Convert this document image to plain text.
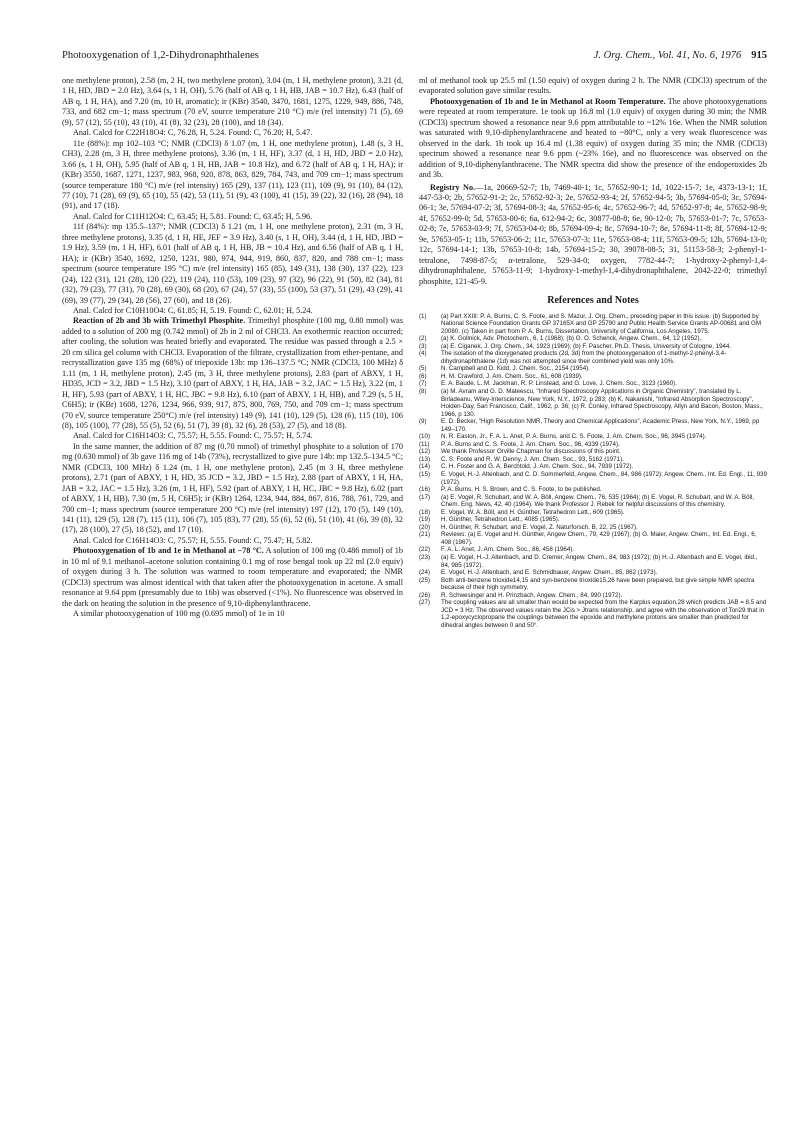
Photooxygenation of 1,2-Dihydronaphthalenes	J. Org. Chem., Vol. 41, No. 6, 1976 915

one methylene proton), 2.58 (m, 2 H, two methylene proton), 3.04 (m, 1 H, methylene proton), 3.21 (d, 1 H, HD, JBD = 2.0 Hz), 3.64 (s, 1 H, OH), 5.76 (half of AB q, 1 H, HB, JAB = 10.7 Hz), 6.43 (half of AB q, 1 H, HA), and 7.20 (m, 10 H, aromatic); ir (KBr) 3540, 3470, 1681, 1275, 1229, 949, 886, 748, 733, and 682 cm−1; mass spectrum (70 eV, source temperature 210 °C) m/e (rel intensity) 71 (5), 69 (9), 57 (12), 55 (10), 43 (10), 41 (8), 32 (23), 28 (100), and 18 (34).

Anal. Calcd for C22H18O4: C, 76.28, H, 5.24. Found: C, 76.20; H, 5.47.

11e (88%): mp 102–103 °C; NMR (CDCl3) δ 1.07 (m, 1 H, one methylene proton), 1.48 (s, 3 H, CH3), 2.28 (m, 3 H, three methylene protons), 3.36 (m, 1 H, HF), 3.37 (d, 1 H, HD, JBD = 2.0 Hz), 3.66 (s, 1 H, OH), 5.95 (half of AB q, 1 H, HB, JAB = 10.8 Hz), and 6.72 (half of AB q, 1 H, HA); ir (KBr) 3550, 1687, 1271, 1237, 983, 968, 920, 878, 863, 829, 784, 743, and 709 cm−1; mass spectrum (source temperature 180 °C) m/e (rel intensity) 165 (29), 137 (11), 123 (11), 109 (9), 91 (10), 84 (12), 77 (10), 71 (28), 69 (9), 65 (10), 55 (42), 53 (11), 51 (9), 43 (100), 41 (15), 39 (22), 32 (16), 28 (94), 18 (91), and 17 (18).

Anal. Calcd for C11H12O4: C, 63.45; H, 5.81. Found: C, 63.45; H, 5.96.

11f (84%): mp 135.5–137°; NMR (CDCl3) δ 1.21 (m, 1 H, one methylene proton), 2.31 (m, 3 H, three methylene protons), 3.35 (d, 1 H, HE, JEF = 3.9 Hz), 3.40 (s, 1 H, OH), 3.44 (d, 1 H, HD, JBD = 1.9 Hz), 3.59 (m, 1 H, HF), 6.01 (half of AB q, 1 H, HB, JB = 10.4 Hz), and 6.56 (half of AB q, 1 H, HA); ir (KBr) 3540, 1692, 1250, 1231, 980, 974, 944, 919, 860, 837, 820, and 788 cm−1; mass spectrum (source temperature 195 °C) m/e (rel intensity) 165 (85), 149 (31), 138 (30), 137 (22), 123 (24), 122 (31), 121 (28), 120 (22), 119 (24), 110 (53), 109 (23), 97 (32), 96 (22), 91 (50), 82 (34), 81 (32), 79 (23), 77 (31), 70 (28), 69 (30), 68 (20), 67 (24), 57 (33), 55 (100), 53 (37), 51 (29), 43 (29), 41 (69), 39 (77), 29 (34), 28 (56), 27 (60), and 18 (26).

Anal. Calcd for C10H10O4: C, 61.85; H, 5.19. Found: C, 62.01; H, 5.24.

Reaction of 2b and 3b with Trimethyl Phosphite. Trimethyl phosphite (100 mg, 0.80 mmol) was added to a solution of 200 mg (0.742 mmol) of 2b in 2 ml of CHCl3. An exothermic reaction occurred; after cooling, the solution was heated briefly and evaporated. The residue was passed through a 2.5 × 20 cm silica gel column with CHCl3. Evaporation of the filtrate, crystallization from ether-pentane, and recrystallization gave 135 mg (68%) of triepoxide 13b: mp 136–137.5 °C; NMR (CDCl3, 100 MHz) δ 1.11 (m, 1 H, methylene proton), 2.45 (m, 3 H, three methylene protons), 2.83 (part of ABXY, 1 H, HD35, JCD = 3.2, JBD = 1.5 Hz), 3.10 (part of ABXY, 1 H, HA, JAB = 3.2, JAC = 1.5 Hz), 3.22 (m, 1 H, HF), 5.93 (part of ABXY, 1 H, HC, JBC = 9.8 Hz), 6.10 (part of ABXY, 1 H, HB), and 7.29 (s, 5 H, C6H5); ir (KBr) 1608, 1276, 1234, 966, 939, 917, 875, 800, 769, 750, and 709 cm−1; mass spectrum (70 eV, source temperature 250°C) m/e (rel intensity) 149 (9), 141 (10), 129 (5), 128 (6), 115 (10), 106 (8), 105 (100), 77 (28), 55 (5), 52 (6), 51 (7), 39 (8), 32 (6), 28 (53), 27 (5), and 18 (8).

Anal. Calcd for C16H14O3: C, 75.57; H, 5.55. Found: C, 75.57; H, 5.74.

In the same manner, the addition of 87 mg (0.70 mmol) of trimethyl phosphite to a solution of 170 mg (0.630 mmol) of 3b gave 116 mg of 14b (73%), recrystallized to give pure 14b: mp 132.5–134.5 °C; NMR (CDCl3, 100 MHz) δ 1.24 (m, 1 H, one methylene proton), 2.45 (m 3 H, three methylene protons), 2.71 (part of ABXY, 1 H, HD, 35 JCD = 3.2, JBD = 1.5 Hz), 2.88 (part of ABXY, 1 H, HA, JAB = 3.2, JAC = 1.5 Hz), 3.26 (m, 1 H, HF), 5.92 (part of ABXY, 1 H, HC, JBC = 9.8 Hz), 6.02 (part of ABXY, 1 H, HB), 7.30 (m, 5 H, C6H5); ir (KBr) 1264, 1234, 944, 884, 867, 816, 788, 761, 729, and 700 cm−1; mass spectrum (source temperature 200 °C) m/e (rel intensity) 197 (12), 170 (5), 149 (10), 141 (11), 129 (5), 128 (7), 115 (11), 106 (7), 105 (83), 77 (28), 55 (6), 52 (6), 51 (10), 41 (6), 39 (8), 32 (17), 28 (100), 27 (5), 18 (52), and 17 (10).

Anal. Calcd for C16H14O3: C, 75.57; H, 5.55. Found: C, 75.47; H, 5.82.

Photooxygenation of 1b and 1e in Methanol at −78 °C. A solution of 100 mg (0.486 mmol) of 1b in 10 ml of 9.1 methanol–acetone solution containing 0.1 mg of rose bengal took up 22 ml (2.0 equiv) of oxygen during 3 h. The solution was warmed to room temperature and evaporated; the NMR (CDCl3) spectrum was almost identical with that taken after the photooxygenation in acetone. A small resonance at 9.64 ppm (presumably due to 16b) was observed (<1%). No fluorescence was observed in the dark on heating the solution in the presence of 9,10-diphenylanthracene.

A similar photooxygenation of 100 mg (0.695 mmol) of 1e in 10

ml of methanol took up 25.5 ml (1.50 equiv) of oxygen during 2 h. The NMR (CDCl3) spectrum of the evaporated solution gave similar results.

Photooxygenation of 1b and 1e in Methanol at Room Temperature. The above photooxygenations were repeated at room temperature. 1e took up 16.8 ml (1.0 equiv) of oxygen during 30 min; the NMR (CDCl3) spectrum showed a resonance near 9.6 ppm attributable to ~12% 16e. When the NMR solution was saturated with 9,10-diphenylanthracene and heated to ~80°C, only a very weak fluorescence was observed in the dark. 1b took up 16.4 ml (1.38 equiv) of oxygen during 35 min; the NMR (CDCl3) spectrum showed a resonance near 9.6 ppm (~23% 16e), and no fluorescence was observed on the addition of 9,10-diphenylanthracene. The NMR spectra did show the presence of the endoperoxides 2b and 3b.

Registry No.—1a, 20669-52-7; 1b, 7469-40-1; 1c, 57652-90-1; 1d, 1022-15-7; 1e, 4373-13-1; 1f, 447-53-0; 2b, 57652-91-2; 2c, 57652-92-3; 2e, 57652-93-4; 2f, 57652-94-5; 3b, 57694-05-0; 3c, 57694-06-1; 3e, 57694-07-2; 3f, 57694-08-3; 4a, 57652-95-6; 4c, 57652-96-7; 4d, 57652-97-8; 4e, 57652-98-9; 4f, 57652-99-0; 5d, 57653-00-6; 6a, 612-94-2; 6c, 30877-08-8; 6e, 90-12-0; 7b, 57653-01-7; 7c, 57653-02-8; 7e, 57653-03-9; 7f, 57653-04-0; 8b, 57694-09-4; 8c, 57694-10-7; 8e, 57694-11-8; 8f, 57694-12-9; 9e, 57653-05-1; 11b, 57653-06-2; 11c, 57653-07-3; 11e, 57653-08-4; 11f, 57653-09-5; 12b, 57694-13-0; 12c, 57694-14-1; 13b, 57653-10-8; 14b, 57694-15-2; 30, 39078-08-5; 31, 51153-58-3; 2-phenyl-1-tetralone, 7498-87-5; α-tetralone, 529-34-0; oxygen, 7782-44-7; 1-hydroxy-2-phenyl-1,4-dihydronaphthalene, 57653-11-9; 1-hydroxy-1-methyl-1,4-dihydronaphthalene, 2042-22-0; trimethyl phosphite, 121-45-9.

References and Notes
(1)	(a) Part XXIII: P. A. Burns, C. S. Foote, and S. Mazur, J. Org. Chem., preceding paper in this issue. (b) Supported by National Science Foundation Grants GP 37165X and GP 25790 and Public Health Service Grants AP-00681 and GM 20080. (c) Taken in part from P. A. Burns, Dissertation, University of California, Los Angeles, 1975.
(2)	(a) K. Gollnick, Adv. Photochem., 6, 1 (1968); (b) G. O. Schenck, Angew. Chem., 64, 12 (1952).
(3)	(a) E. Ciganek, J. Org. Chem., 34, 1923 (1969); (b) F. Pascher, Ph.D. Thesis, University of Cologne, 1944.
(4)	The isolation of the dioxygenated products (2d, 3d) from the photooxygenation of 1-methyl-2-phenyl-3,4-dihydronaphthalene (1d) was not attempted since their combined yield was only 10%.
(5)	N. Campbell and D. Kidd, J. Chem. Soc., 2154 (1954).
(6)	H. M. Crawford, J. Am. Chem. Soc., 61, 608 (1939).
(7)	E. A. Baude, L. M. Jackman, R. P. Linstead, and G. Love, J. Chem. Soc., 3123 (1960).
(8)	(a) M. Avram and G. D. Mateescu, "Infrared Spectroscopy Applications in Organic Chemistry", translated by L. Birladeanu, Wiley-Interscience, New York, N.Y., 1972, p 283; (b) K. Nakanishi, "Infrared Absorption Spectroscopy", Holden-Day, San Francisco, Calif., 1962, p. 36; (c) R. Conley, Infrared Spectroscopy, Allyn and Bacon, Boston, Mass., 1966, p 130.
(9)	E. D. Becker, "High Resolution NMR, Theory and Chemical Applications", Academic Press, New York, N.Y., 1969, pp 149–170.
(10)	N. R. Easton, Jr., F. A. L. Anet, P. A. Burns, and C. S. Foote, J. Am. Chem. Soc., 96, 3945 (1974).
(11)	P. A. Burns and C. S. Foote, J. Am. Chem. Soc., 96, 4339 (1974).
(12)	We thank Professor Orville Chapman for discussions of this point.
(13)	C. S. Foote and R. W. Denny, J. Am. Chem. Soc., 93, 5162 (1971).
(14)	C. H. Foster and G. A. Berchtold, J. Am. Chem. Soc., 94, 7939 (1972).
(15)	E. Vogel, H.-J. Altenbach, and C. D. Sommerfeld, Angew. Chem., 84, 986 (1972); Angew. Chem., Int. Ed. Engl., 11, 939 (1972).
(16)	P. A. Burns, H. S. Brown, and C. S. Foote, to be published.
(17)	(a) E. Vogel, R. Schubart, and W. A. Böll, Angew. Chem., 76, 535 (1964); (b) E. Vogel, R. Schubart, and W. A. Böll, Chem. Eng. News, 42, 40 (1964). We thank Professor J. Rebek for helpful discussions of this chemistry.
(18)	E. Vogel, W. A. Böll, and H. Günther, Tetrahedron Lett., 609 (1965).
(19)	H. Günther, Tetrahedron Lett., 4085 (1965).
(20)	H. Günther, R. Schubart, and E. Vogel, Z. Naturforsch. B, 22, 25 (1967).
(21)	Reviews: (a) E. Vogel and H. Günther, Angew Chem., 79, 429 (1967); (b) G. Maier, Angew. Chem., Int. Ed. Engl., 6, 408 (1967).
(22)	F. A. L. Anet, J. Am. Chem. Soc., 86, 458 (1964).
(23)	(a) E. Vogel, H.-J. Altenbach, and D. Cremer, Angew. Chem., 84, 983 (1972); (b) H.-J. Altenbach and E. Vogel, ibid., 84, 985 (1972).
(24)	E. Vogel, H.-J. Altenbach, and E. Schmidbauer, Angew. Chem., 85, 862 (1973).
(25)	Both anti-benzene trioxide14,15 and syn-benzene trioxide15,26 have been prepared, but give simple NMR spectra because of their high symmetry.
(26)	R. Schwesinger and H. Prinzbach, Angew. Chem., 84, 990 (1972).
(27)	The coupling values are all smaller than would be expected from the Karplus equation,28 which predicts JAB = 8.5 and JCD = 3 Hz. The observed values retain the JCis > Jtrans relationship, and agree with the observation of Tori29 that in 1,2-epoxycyclopropane the couplings between the epoxide and methylene protons are smaller than predicted for dihedral angles between 0 and 50°.
